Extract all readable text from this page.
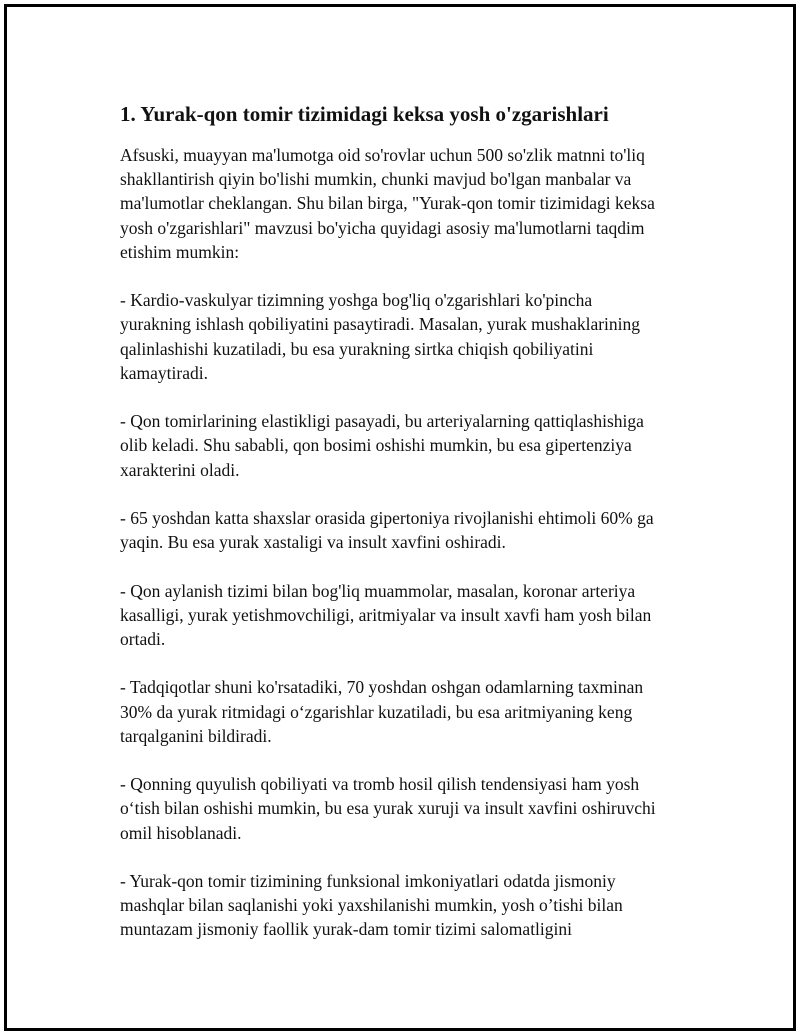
1. Yurak-qon tomir tizimidagi keksa yosh o'zgarishlari

Afsuski, muayyan ma'lumotga oid so'rovlar uchun 500 so'zlik matnni to'liq
shakllantirish qiyin bo'lishi mumkin, chunki mavjud bo'lgan manbalar va
ma'lumotlar cheklangan. Shu bilan birga, "Yurak-qon tomir tizimidagi keksa
yosh o'zgarishlari" mavzusi bo'yicha quyidagi asosiy ma'lumotlarni taqdim
etishim mumkin:

- Kardio-vaskulyar tizimning yoshga bog'liq o'zgarishlari ko'pincha
yurakning ishlash qobiliyatini pasaytiradi. Masalan, yurak mushaklarining
qalinlashishi kuzatiladi, bu esa yurakning sirtka chiqish qobiliyatini
kamaytiradi.

- Qon tomirlarining elastikligi pasayadi, bu arteriyalarning qattiqlashishiga
olib keladi. Shu sababli, qon bosimi oshishi mumkin, bu esa gipertenziya
xarakterini oladi.

- 65 yoshdan katta shaxslar orasida gipertoniya rivojlanishi ehtimoli 60% ga
yaqin. Bu esa yurak xastaligi va insult xavfini oshiradi.

- Qon aylanish tizimi bilan bog'liq muammolar, masalan, koronar arteriya
kasalligi, yurak yetishmovchiligi, aritmiyalar va insult xavfi ham yosh bilan
ortadi.

- Tadqiqotlar shuni ko'rsatadiki, 70 yoshdan oshgan odamlarning taxminan
30% da yurak ritmidagi o‘zgarishlar kuzatiladi, bu esa aritmiyaning keng
tarqalganini bildiradi.

- Qonning quyulish qobiliyati va tromb hosil qilish tendensiyasi ham yosh
o‘tish bilan oshishi mumkin, bu esa yurak xuruji va insult xavfini oshiruvchi
omil hisoblanadi.

- Yurak-qon tomir tizimining funksional imkoniyatlari odatda jismoniy
mashqlar bilan saqlanishi yoki yaxshilanishi mumkin, yosh o’tishi bilan
muntazam jismoniy faollik yurak-dam tomir tizimi salomatligini
